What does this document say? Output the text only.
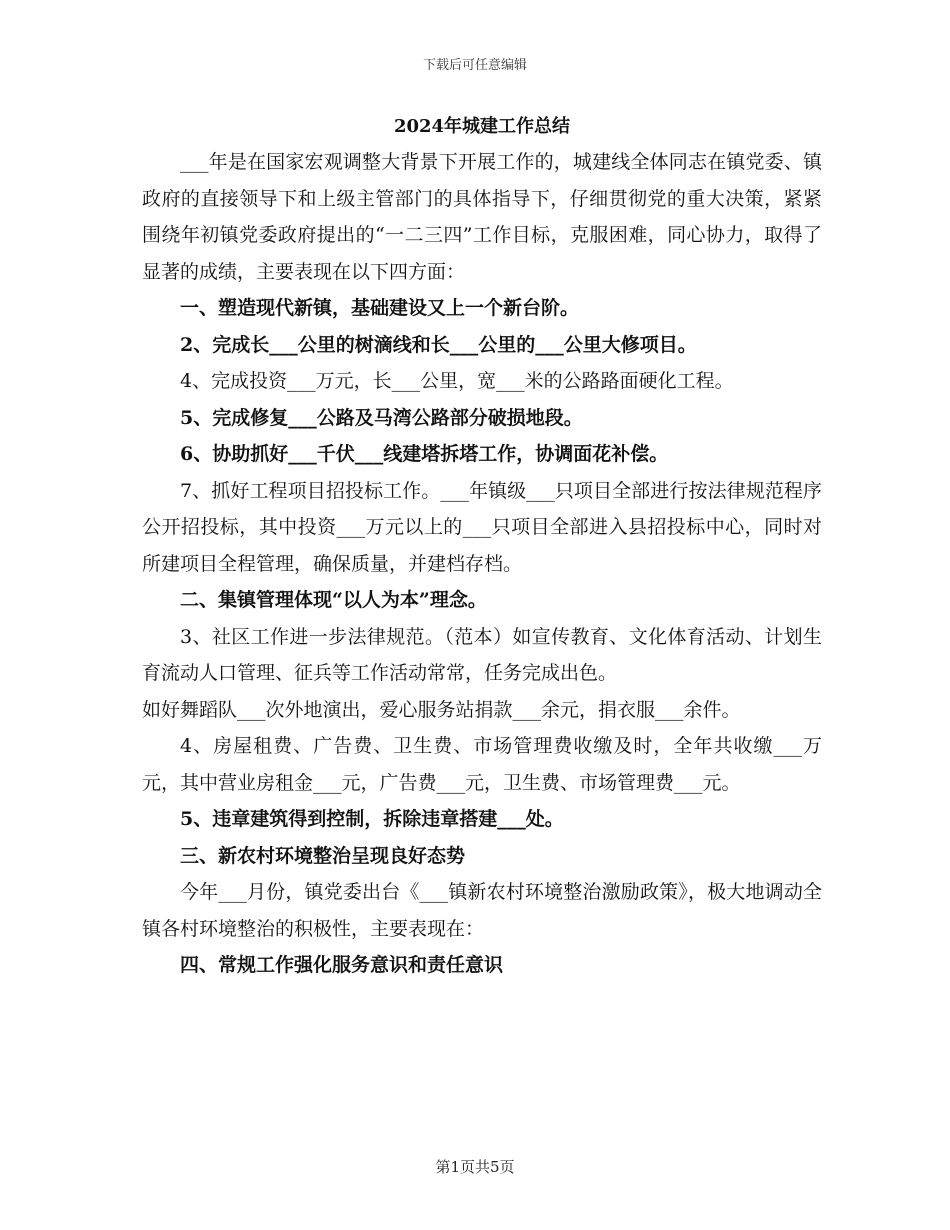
下载后可任意编辑
2024年城建工作总结

___年是在国家宏观调整大背景下开展工作的，城建线全体同志在镇党委、镇政府的直接领导下和上级主管部门的具体指导下，仔细贯彻党的重大决策，紧紧围绕年初镇党委政府提出的“一二三四”工作目标，克服困难，同心协力，取得了显著的成绩，主要表现在以下四方面：

一、塑造现代新镇，基础建设又上一个新台阶。

2、完成长___公里的树滴线和长___公里的___公里大修项目。

4、完成投资___万元，长___公里，宽___米的公路路面硬化工程。

5、完成修复___公路及马湾公路部分破损地段。

6、协助抓好___千伏___线建塔拆塔工作，协调面花补偿。

7、抓好工程项目招投标工作。___年镇级___只项目全部进行按法律规范程序公开招投标，其中投资___万元以上的___只项目全部进入县招投标中心，同时对所建项目全程管理，确保质量，并建档存档。

二、集镇管理体现“以人为本”理念。

3、社区工作进一步法律规范。（范本）如宣传教育、文化体育活动、计划生育流动人口管理、征兵等工作活动常常，任务完成出色。

如好舞蹈队___次外地演出，爱心服务站捐款___余元，捐衣服___余件。

4、房屋租费、广告费、卫生费、市场管理费收缴及时，全年共收缴___万元，其中营业房租金___元，广告费___元，卫生费、市场管理费___元。

5、违章建筑得到控制，拆除违章搭建___处。

三、新农村环境整治呈现良好态势

今年___月份，镇党委出台《___镇新农村环境整治激励政策》，极大地调动全镇各村环境整治的积极性，主要表现在：

四、常规工作强化服务意识和责任意识

第1页共5页
